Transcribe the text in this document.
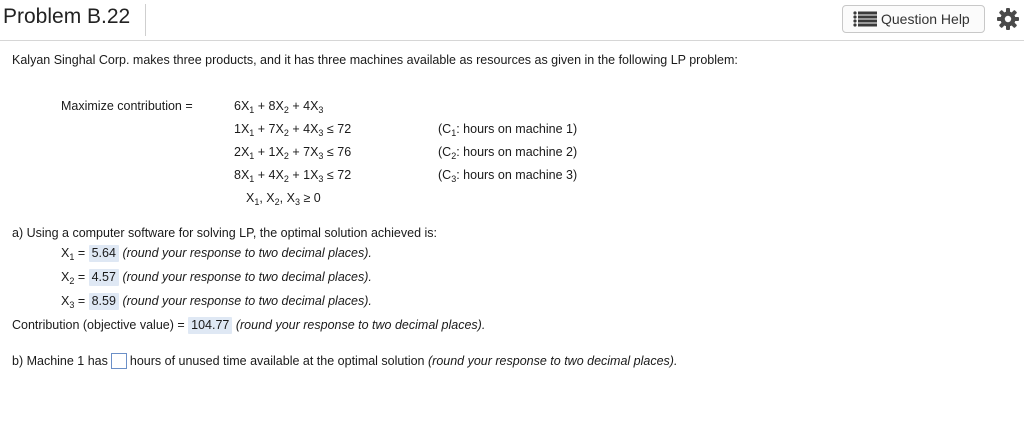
Problem B.22	Question Help
Kalyan Singhal Corp. makes three products, and it has three machines available as resources as given in the following LP problem:
Maximize contribution =	$6X_1 + 8X_2 + 4X_3$
$1X_1 + 7X_2 + 4X_3 \le 72$
$2X_1 + 1X_2 + 7X_3 \le 76$
$8X_1 + 4X_2 + 1X_3 \le 72$
($C_1$: hours on machine 1)
($C_2$: hours on machine 2)
($C_3$: hours on machine 3)
$X_1$, $X_2$, $X_3 \ge 0$
a) Using a computer software for solving LP, the optimal solution achieved is:
$X_1 = 5.64$ (round your response to two decimal places).
$X_2 = 4.57$ (round your response to two decimal places).
$X_3 = 8.59$ (round your response to two decimal places).
Contribution (objective value) = 104.77 (round your response to two decimal places).
b) Machine 1 has hours of unused time available at the optimal solution (round your response to two decimal places).
